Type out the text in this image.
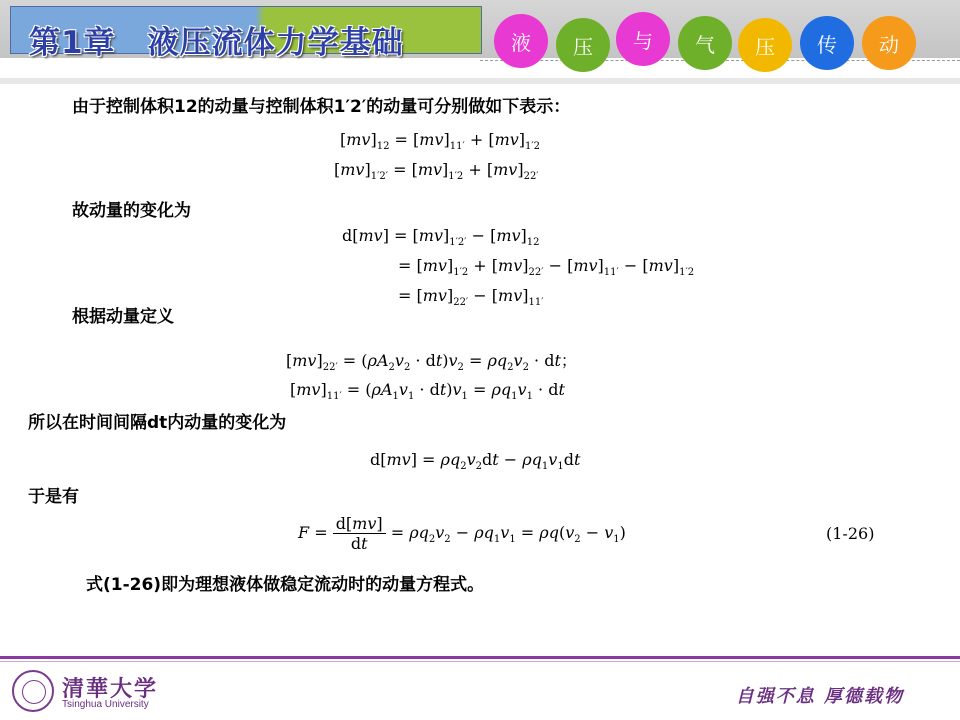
第1章　液压流体力学基础	液	压	与	气	压	传	动
由于控制体积12的动量与控制体积1′2′的动量可分别做如下表示：
$[mv]_{12} = [mv]_{11'} + [mv]_{1'2}$
$[mv]_{1'2'} = [mv]_{1'2} + [mv]_{22'}$
故动量的变化为
$d[mv] = [mv]_{1'2'} - [mv]_{12}$
= $[mv]_{1'2} + [mv]_{22'} - [mv]_{11'} - [mv]_{1'2}$
= $[mv]_{22'} - [mv]_{11'}$
根据动量定义
$[mv]_{22'} = (\rho A_2v_2 \cdot dt)v_2 = \rho q_2v_2$ · dt；
$[mv]_{11'} = (\rho A_1v_1 \cdot dt)v_1 = \rho q_1v_1$ · dt
所以在时间间隔dt内动量的变化为
$d[mv] = \rho q_2v_2dt - \rho q_1v_1dt$
于是有
$F = \frac{d[mv]}{dt} = \rho q_2v_2 - \rho q_1v_1 = \rho q(v_2 - v_1)$	(1-26)
式(1-26)即为理想液体做稳定流动时的动量方程式。
清華大学
Tsinghua University	自强不息 厚德载物
